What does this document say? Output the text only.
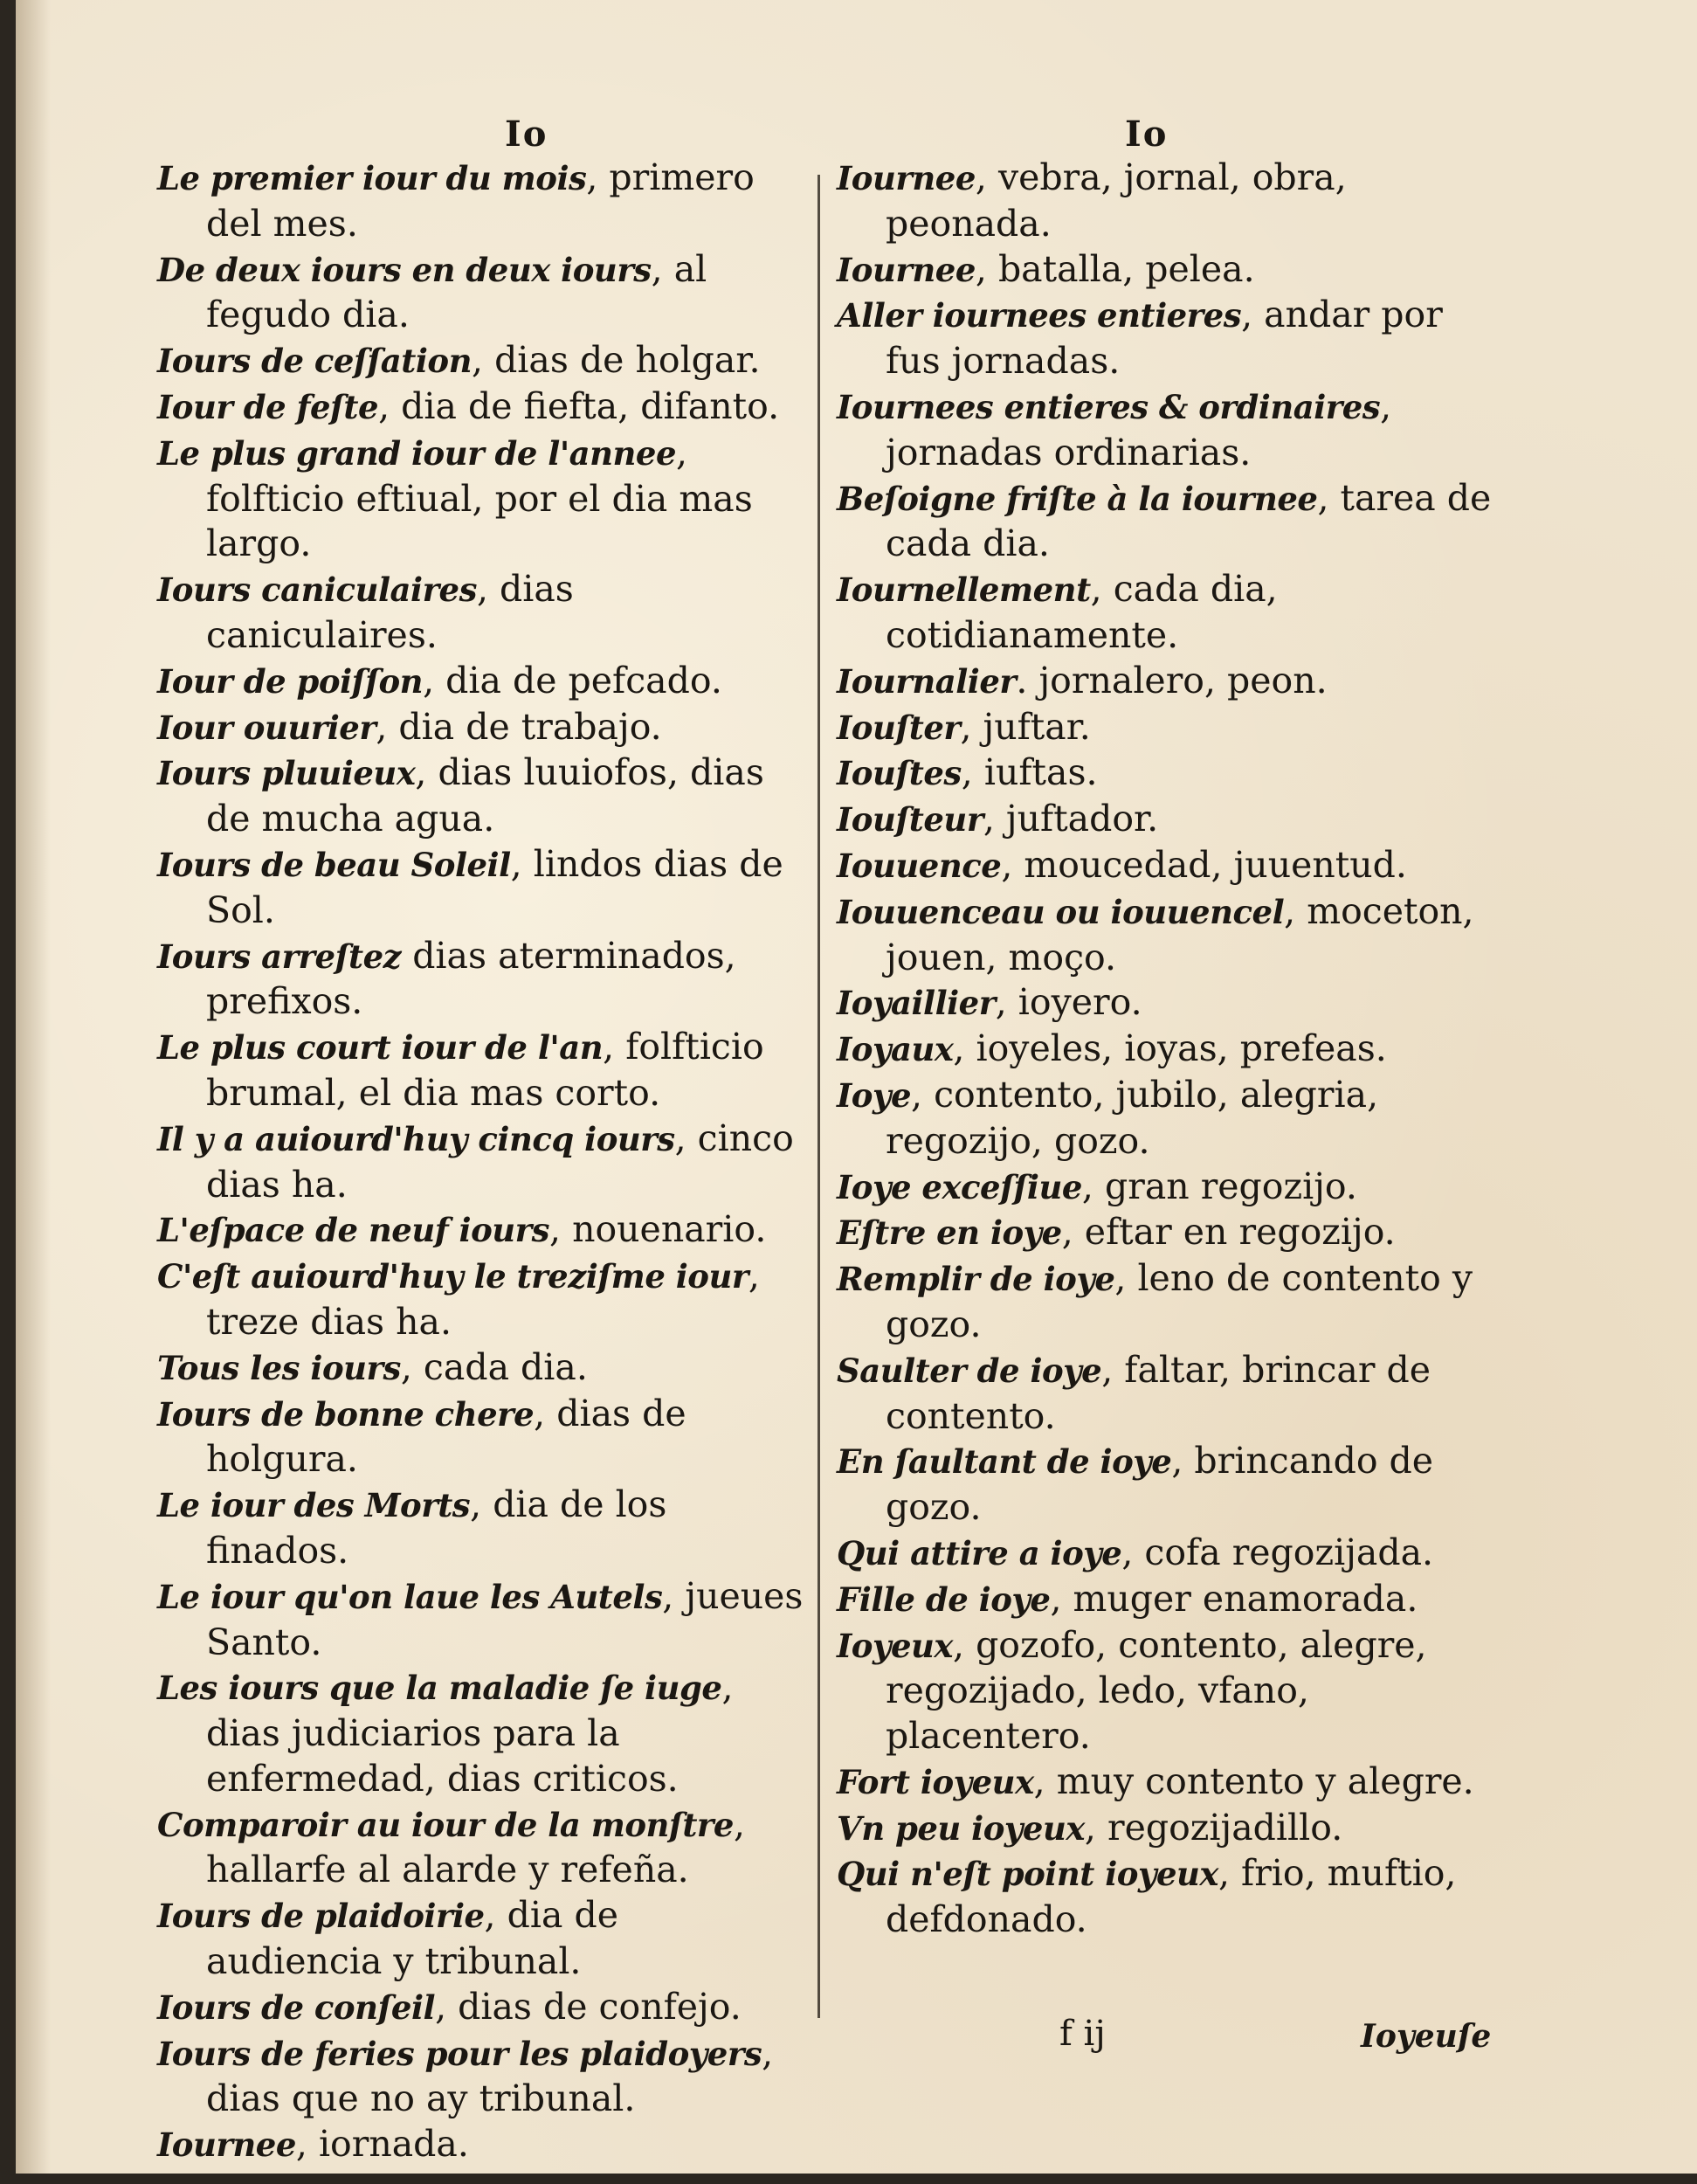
Io	Io

Le premier iour du mois, primero del mes.

De deux iours en deux iours, al fegudo dia.

Iours de ceſſation, dias de holgar.

Iour de feſte, dia de fiefta, difanto.

Le plus grand iour de l'annee, folfticio eftiual, por el dia mas largo.

Iours caniculaires, dias caniculaires.

Iour de poiſſon, dia de pefcado.

Iour ouurier, dia de trabajo.

Iours pluuieux, dias luuiofos, dias de mucha agua.

Iours de beau Soleil, lindos dias de Sol.

Iours arreſtez dias aterminados, prefixos.

Le plus court iour de l'an, folfticio brumal, el dia mas corto.

Il y a auiourd'huy cincq iours, cinco dias ha.

L'eſpace de neuf iours, nouenario.

C'eſt auiourd'huy le treziſme iour, treze dias ha.

Tous les iours, cada dia.

Iours de bonne chere, dias de holgura.

Le iour des Morts, dia de los finados.

Le iour qu'on laue les Autels, jueues Santo.

Les iours que la maladie ſe iuge, dias judiciarios para la enfermedad, dias criticos.

Comparoir au iour de la monſtre, hallarfe al alarde y refeña.

Iours de plaidoirie, dia de audiencia y tribunal.

Iours de conſeil, dias de confejo.

Iours de feries pour les plaidoyers, dias que no ay tribunal.

Iournee, iornada.

Iournee, vebra, jornal, obra, peonada.

Iournee, batalla, pelea.

Aller iournees entieres, andar por fus jornadas.

Iournees entieres & ordinaires, jornadas ordinarias.

Beſoigne friſte à la iournee, tarea de cada dia.

Iournellement, cada dia, cotidianamente.

Iournalier. jornalero, peon.

Iouſter, juftar.

Iouſtes, iuftas.

Iouſteur, juftador.

Iouuence, moucedad, juuentud.

Iouuenceau ou iouuencel, moceton, jouen, moço.

Ioyaillier, ioyero.

Ioyaux, ioyeles, ioyas, prefeas.

Ioye, contento, jubilo, alegria, regozijo, gozo.

Ioye exceſſiue, gran regozijo.

Eſtre en ioye, eftar en regozijo.

Remplir de ioye, leno de contento y gozo.

Saulter de ioye, faltar, brincar de contento.

En ſaultant de ioye, brincando de gozo.

Qui attire a ioye, cofa regozijada.

Fille de ioye, muger enamorada.

Ioyeux, gozofo, contento, alegre, regozijado, ledo, vfano, placentero.

Fort ioyeux, muy contento y alegre.

Vn peu ioyeux, regozijadillo.

Qui n'eſt point ioyeux, frio, muftio, defdonado.

f ij	Ioyeuſe
